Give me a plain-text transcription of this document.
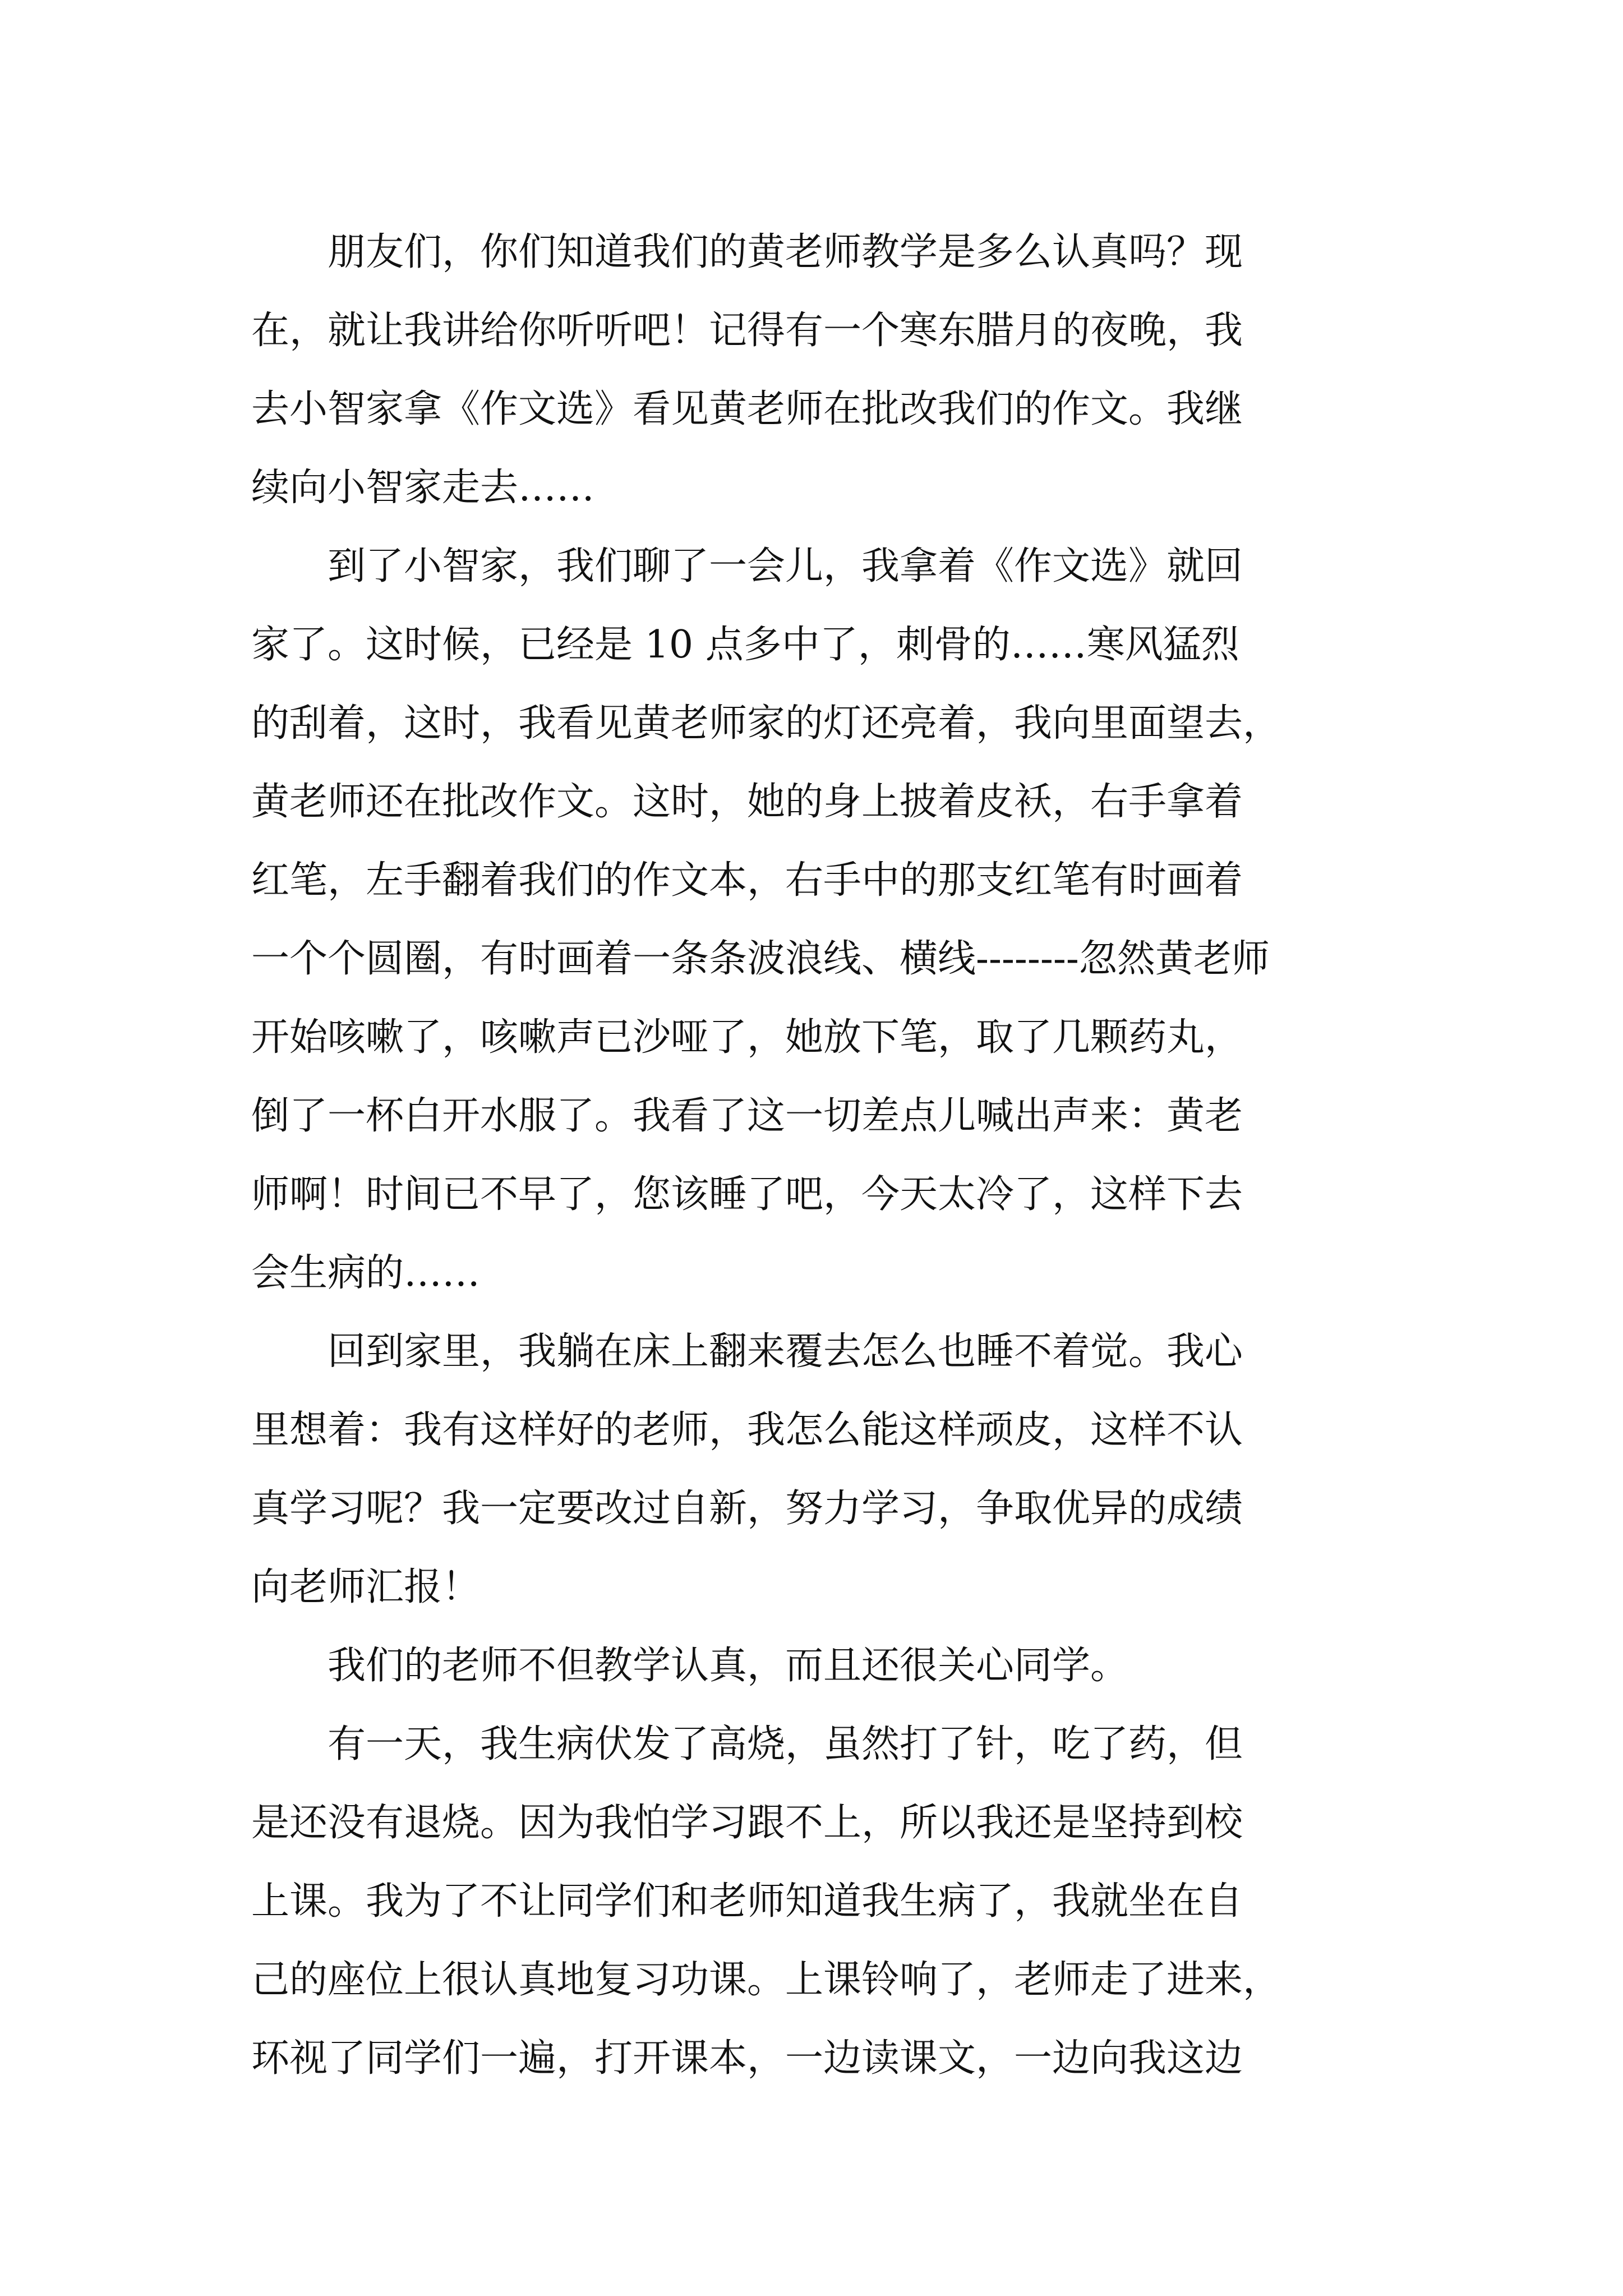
　　朋友们，你们知道我们的黄老师教学是多么认真吗？现
在，就让我讲给你听听吧！记得有一个寒东腊月的夜晚，我
去小智家拿《作文选》看见黄老师在批改我们的作文。我继
续向小智家走去……
　　到了小智家，我们聊了一会儿，我拿着《作文选》就回
家了。这时候，已经是 10 点多中了，刺骨的……寒风猛烈
的刮着，这时，我看见黄老师家的灯还亮着，我向里面望去，
黄老师还在批改作文。这时，她的身上披着皮袄，右手拿着
红笔，左手翻着我们的作文本，右手中的那支红笔有时画着
一个个圆圈，有时画着一条条波浪线、横线--------忽然黄老师
开始咳嗽了，咳嗽声已沙哑了，她放下笔，取了几颗药丸，
倒了一杯白开水服了。我看了这一切差点儿喊出声来：黄老
师啊！时间已不早了，您该睡了吧，今天太冷了，这样下去
会生病的……
　　回到家里，我躺在床上翻来覆去怎么也睡不着觉。我心
里想着：我有这样好的老师，我怎么能这样顽皮，这样不认
真学习呢？我一定要改过自新，努力学习，争取优异的成绩
向老师汇报！
　　我们的老师不但教学认真，而且还很关心同学。
　　有一天，我生病伏发了高烧，虽然打了针，吃了药，但
是还没有退烧。因为我怕学习跟不上，所以我还是坚持到校
上课。我为了不让同学们和老师知道我生病了，我就坐在自
己的座位上很认真地复习功课。上课铃响了，老师走了进来，
环视了同学们一遍，打开课本，一边读课文，一边向我这边
